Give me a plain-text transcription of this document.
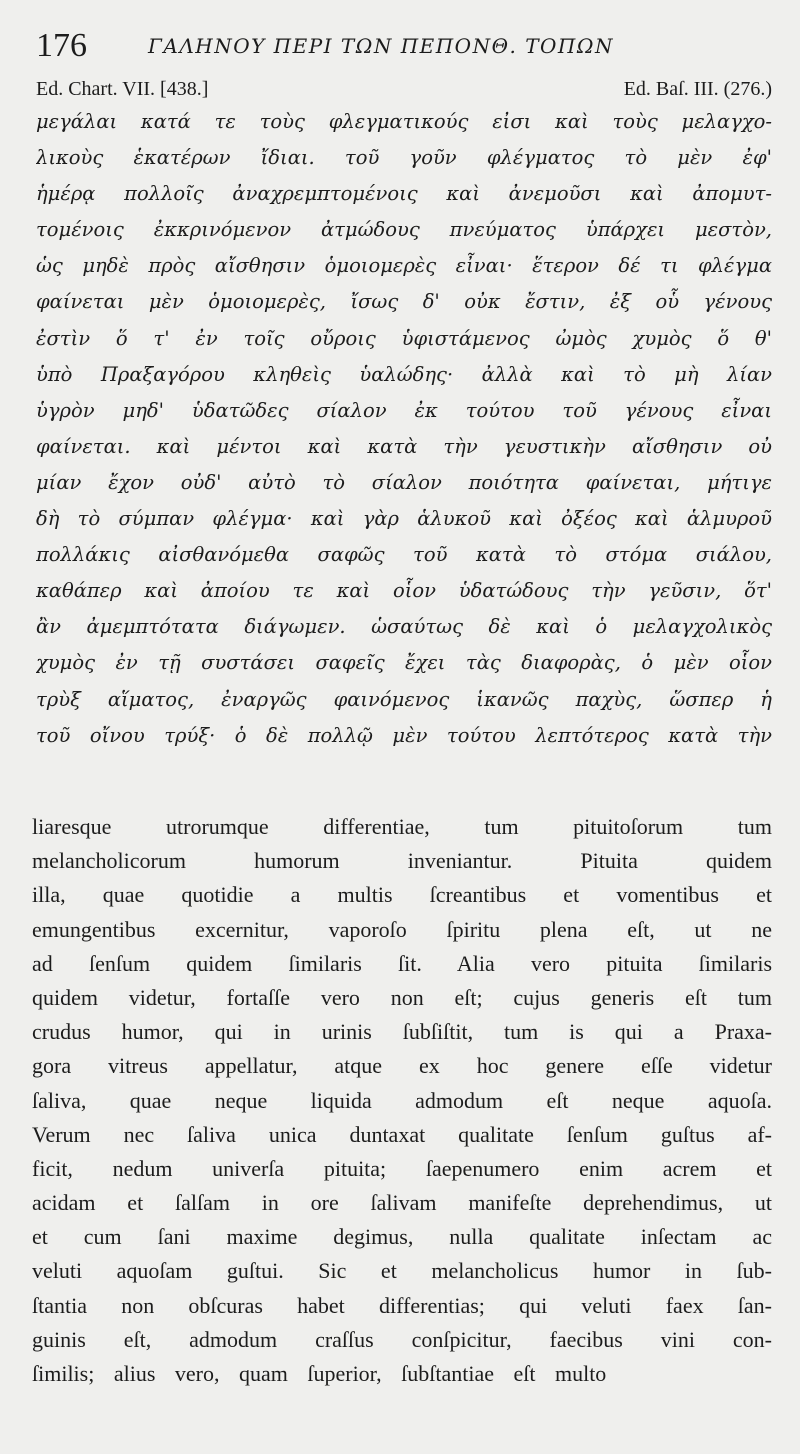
176	ΓΑΛΗΝΟΥ ΠΕΡΙ ΤΩΝ ΠΕΠΟΝΘ. ΤΟΠΩΝ
Ed. Chart. VII. [438.]	Ed. Baſ. III. (276.)
μεγάλαι κατά τε τοὺς φλεγματικούς εἰσι καὶ τοὺς μελαγχο-
λικοὺς ἑκατέρων ἴδιαι. τοῦ γοῦν φλέγματος τὸ μὲν ἐφ'
ἡμέρᾳ πολλοῖς ἀναχρεμπτομένοις καὶ ἀνεμοῦσι καὶ ἀπομυτ-
τομένοις ἐκκρινόμενον ἀτμώδους πνεύματος ὑπάρχει μεστὸν,
ὡς μηδὲ πρὸς αἴσθησιν ὁμοιομερὲς εἶναι· ἕτερον δέ τι φλέγμα
φαίνεται μὲν ὁμοιομερὲς, ἴσως δ' οὐκ ἔστιν, ἐξ οὗ γένους
ἐστὶν ὅ τ' ἐν τοῖς οὔροις ὑφιστάμενος ὠμὸς χυμὸς ὅ θ'
ὑπὸ Πραξαγόρου κληθεὶς ὑαλώδης· ἀλλὰ καὶ τὸ μὴ λίαν
ὑγρὸν μηδ' ὑδατῶδες σίαλον ἐκ τούτου τοῦ γένους εἶναι
φαίνεται. καὶ μέντοι καὶ κατὰ τὴν γευστικὴν αἴσθησιν οὐ
μίαν ἔχον οὐδ' αὐτὸ τὸ σίαλον ποιότητα φαίνεται, μήτιγε
δὴ τὸ σύμπαν φλέγμα· καὶ γὰρ ἁλυκοῦ καὶ ὀξέος καὶ ἁλμυροῦ
πολλάκις αἰσθανόμεθα σαφῶς τοῦ κατὰ τὸ στόμα σιάλου,
καθάπερ καὶ ἀποίου τε καὶ οἷον ὑδατώδους τὴν γεῦσιν, ὅτ'
ἂν ἀμεμπτότατα διάγωμεν. ὡσαύτως δὲ καὶ ὁ μελαγχολικὸς
χυμὸς ἐν τῇ συστάσει σαφεῖς ἔχει τὰς διαφορὰς, ὁ μὲν οἷον
τρὺξ αἵματος, ἐναργῶς φαινόμενος ἱκανῶς παχὺς, ὥσπερ ἡ
τοῦ οἴνου τρύξ· ὁ δὲ πολλῷ μὲν τούτου λεπτότερος κατὰ τὴν
liaresque utrorumque differentiae, tum pituitoſorum tum
melancholicorum humorum inveniantur. Pituita quidem
illa, quae quotidie a multis ſcreantibus et vomentibus et
emungentibus excernitur, vaporoſo ſpiritu plena eſt, ut ne
ad ſenſum quidem ſimilaris ſit. Alia vero pituita ſimilaris
quidem videtur, fortaſſe vero non eſt; cujus generis eſt tum
crudus humor, qui in urinis ſubſiſtit, tum is qui a Praxa-
gora vitreus appellatur, atque ex hoc genere eſſe videtur
ſaliva, quae neque liquida admodum eſt neque aquoſa.
Verum nec ſaliva unica duntaxat qualitate ſenſum guſtus af-
ficit, nedum univerſa pituita; ſaepenumero enim acrem et
acidam et ſalſam in ore ſalivam manifeſte deprehendimus, ut
et cum ſani maxime degimus, nulla qualitate inſectam ac
veluti aquoſam guſtui. Sic et melancholicus humor in ſub-
ſtantia non obſcuras habet differentias; qui veluti faex ſan-
guinis eſt, admodum craſſus conſpicitur, faecibus vini con-
ſimilis; alius vero, quam ſuperior, ſubſtantiae eſt multo
